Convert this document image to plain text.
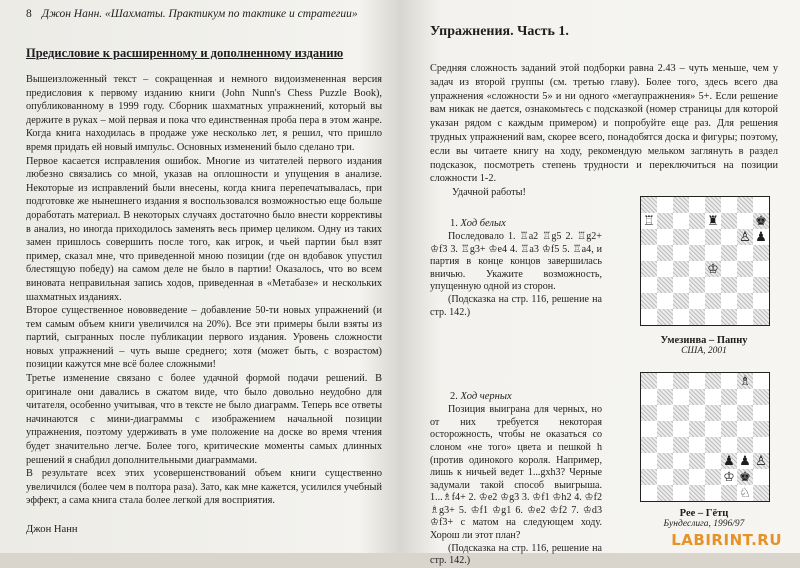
8 Джон Нанн. «Шахматы. Практикум по тактике и стратегии»
Предисловие к расширенному и дополненному изданию

Вышеизложенный текст – сокращенная и немного видоизмененная версия предисловия к первому изданию книги (John Nunn's Chess Puzzle Book), опубликованному в 1999 году. Сборник шахматных упражнений, который вы держите в руках – мой первая и пока что единственная проба пера в этом жанре. Когда книга находилась в продаже уже несколько лет, я решил, что пришло время придать ей новый импульс. Основных изменений было сделано три.

Первое касается исправления ошибок. Многие из читателей первого издания любезно связались со мной, указав на оплошности и упущения в анализе. Некоторые из исправлений были внесены, когда книга перепечатывалась, при подготовке же нынешнего издания я воспользовался возможностью еще больше доработать материал. В некоторых случаях достаточно было внести коррективы в анализ, но иногда приходилось заменять весь пример целиком. Одну из таких замен пришлось совершить после того, как игрок, и чьей партии был взят пример, сказал мне, что приведенной мною позиции (где он вдобавок упустил блестящую победу) на самом деле не было в партии! Оказалось, что во всем виновата неправильная запись ходов, приведенная в «Метабазе» и нескольких шахматных изданиях.

Второе существенное нововведение – добавление 50-ти новых упражнений (и тем самым объем книги увеличился на 20%). Все эти примеры были взяты из партий, сыгранных после публикации первого издания. Уровень сложности новых упражнений – чуть выше среднего; хотя (может быть, с возрастом) позиции кажутся мне всё более сложными!

Третье изменение связано с более удачной формой подачи решений. В оригинале они давались в сжатом виде, что было довольно неудобно для читателя, особенно учитывая, что в тексте не было диаграмм. Теперь все ответы начинаются с мини-диаграммы с изображением начальной позиции упражнения, поэтому удерживать в уме положение на доске во время чтения будет значительно легче. Более того, критические моменты самых длинных решений я снабдил дополнительными диаграммами.

В результате всех этих усовершенствований объем книги существенно увеличился (более чем в полтора раза). Зато, как мне кажется, усилился учебный эффект, а сама книга стала более легкой для восприятия.

Джон Нанн
Упражнения. Часть 1.
Средняя сложность заданий этой подборки равна 2.43 – чуть меньше, чем у задач из второй группы (см. третью главу). Более того, здесь всего два упражнения «сложности 5» и ни одного «мегаупражнения» 5+. Если решение вам никак не дается, ознакомьтесь с подсказкой (номер страницы для которой указан рядом с каждым примером) и попробуйте еще раз. Для решения трудных упражнений вам, скорее всего, понадобятся доска и фигуры; поэтому, если вы читаете книгу на ходу, рекомендую мельком заглянуть в раздел подсказок, посмотреть степень трудности и переключиться на позиции сложности 1-2.
Удачной работы!
1. Ход белых
Последовало 1. ♖a2 ♖g5 2. ♖g2+ ♔f3 3. ♖g3+ ♔e4 4. ♖a3 ♔f5 5. ♖a4, и партия в конце концов завершилась вничью. Укажите возможность, упущенную одной из сторон.
(Подсказка на стр. 116, решение на стр. 142.)
2. Ход черных
Позиция выиграна для черных, но от них требуется некоторая осторожность, чтобы не оказаться со слоном «не того» цвета и пешкой h (против одинокого короля. Например, лишь к ничьей ведет 1...gxh3? Черные задумали такой способ выигрыша. 1...♗f4+ 2. ♔e2 ♔g3 3. ♔f1 ♔h2 4. ♔f2 ♗g3+ 5. ♔f1 ♔g1 6. ♔e2 ♔f2 7. ♔d3 ♔f3+ с матом на следующем ходу. Хорош ли этот план?
(Подсказка на стр. 116, решение на стр. 142.)
♖	♜	♚
♙ ♟
♔
Умезинва – Папну
США, 2001
♗
♟ ♟ ♙
♔ ♚
♘
Рее – Гётц
Бундеслига, 1996/97
LABIRINT.RU
